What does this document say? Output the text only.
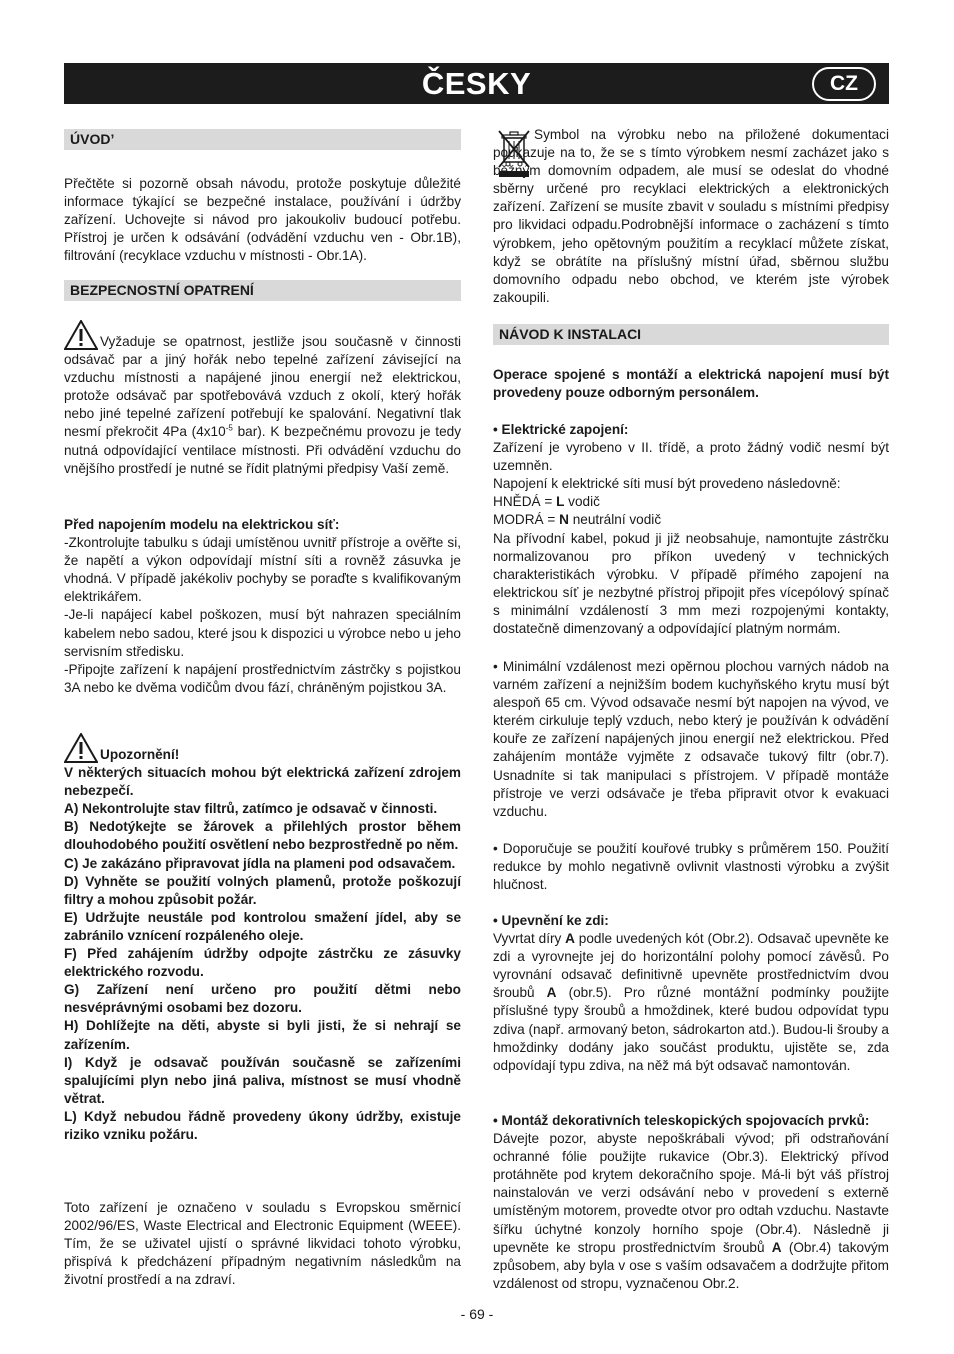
ČESKY	CZ
ÚVOD’
Přečtěte si pozorně obsah návodu, protože poskytuje důležité informace týkající se bezpečné instalace, používání i údržby zařízení. Uchovejte si návod pro jakoukoliv budoucí potřebu. Přístroj je určen k odsávání (odvádění vzduchu ven - Obr.1B), filtrování (recyklace vzduchu v místnosti - Obr.1A).
BEZPECNOSTNÍ OPATRENÍ
Vyžaduje se opatrnost, jestliže jsou současně v činnosti odsávač par a jiný hořák nebo tepelné zařízení závisející na vzduchu místnosti a napájené jinou energií než elektrickou, protože odsávač par spotřebovává vzduch z okolí, který hořák nebo jiné tepelné zařízení potřebují ke spalování. Negativní tlak nesmí překročit 4Pa ($4x10^{-5}$ bar). K bezpečnému provozu je tedy nutná odpovídající ventilace místnosti. Při odvádění vzduchu do vnějšího prostředí je nutné se řídit platnými předpisy Vaší země.

Před napojením modelu na elektrickou síť:

-Zkontrolujte tabulku s údaji umístěnou uvnitř přístroje a ověřte si, že napětí a výkon odpovídají místní síti a rovněž zásuvka je vhodná. V případě jakékoliv pochyby se poraďte s kvalifikovaným elektrikářem.

-Je-li napájecí kabel poškozen, musí být nahrazen speciálním kabelem nebo sadou, které jsou k dispozici u výrobce nebo u jeho servisním středisku.

-Připojte zařízení k napájení prostřednictvím zástrčky s pojistkou 3A nebo ke dvěma vodičům dvou fází, chráněným pojistkou 3A.

Upozornění!

V některých situacích mohou být elektrická zařízení zdrojem nebezpečí.

A) Nekontrolujte stav filtrů, zatímco je odsavač v činnosti.

B) Nedotýkejte se žárovek a přilehlých prostor během dlouhodobého použití osvětlení nebo bezprostředně po něm.

C) Je zakázáno připravovat jídla na plameni pod odsavačem.

D) Vyhněte se použití volných plamenů, protože poškozují filtry a mohou způsobit požár.

E) Udržujte neustále pod kontrolou smažení jídel, aby se zabránilo vznícení rozpáleného oleje.

F) Před zahájením údržby odpojte zástrčku ze zásuvky elektrického rozvodu.

G) Zařízení není určeno pro použití dětmi nebo nesvéprávnými osobami bez dozoru.

H) Dohlížejte na děti, abyste si byli jisti, že si nehrají se zařízením.

I) Když je odsavač používán současně se zařízeními spalujícími plyn nebo jiná paliva, místnost se musí vhodně větrat.

L) Když nebudou řádně provedeny úkony údržby, existuje riziko vzniku požáru.

Toto zařízení je označeno v souladu s Evropskou směrnicí 2002/96/ES, Waste Electrical and Electronic Equipment (WEEE). Tím, že se uživatel ujistí o správné likvidaci tohoto výrobku, přispívá k předcházení případným negativním následkům na životní prostředí a na zdraví.
Symbol na výrobku nebo na přiložené dokumentaci poukazuje na to, že se s tímto výrobkem nesmí zacházet jako s běžným domovním odpadem, ale musí se odeslat do vhodné sběrny určené pro recyklaci elektrických a elektronických zařízení. Zařízení se musíte zbavit v souladu s místními předpisy pro likvidaci odpadu.Podrobnější informace o zacházení s tímto výrobkem, jeho opětovným použitím a recyklací můžete získat, když se obrátíte na příslušný místní úřad, sběrnou službu domovního odpadu nebo obchod, ve kterém jste výrobek zakoupili.
NÁVOD K INSTALACI
Operace spojené s montáží a elektrická napojení musí být provedeny pouze odborným personálem.

• Elektrické zapojení:

Zařízení je vyrobeno v II. třídě, a proto žádný vodič nesmí být uzemněn.

Napojení k elektrické síti musí být provedeno následovně:

HNĚDÁ = L vodič

MODRÁ = N neutrální vodič

Na přívodní kabel, pokud ji již neobsahuje, namontujte zástrčku normalizovanou pro příkon uvedený v technických charakteristikách výrobku. V případě přímého zapojení na elektrickou síť je nezbytné přístroj připojit přes vícepólový spínač s minimální vzdáleností 3 mm mezi rozpojenými kontakty, dostatečně dimenzovaný a odpovídající platným normám.

• Minimální vzdálenost mezi opěrnou plochou varných nádob na varném zařízení a nejnižším bodem kuchyňského krytu musí být alespoň 65 cm. Vývod odsavače nesmí být napojen na vývod, ve kterém cirkuluje teplý vzduch, nebo který je používán k odvádění kouře ze zařízení napájených jinou energií než elektrickou. Před zahájením montáže vyjměte z odsavače tukový filtr (obr.7). Usnadníte si tak manipulaci s přístrojem. V případě montáže přístroje ve verzi odsávače je třeba připravit otvor k evakuaci vzduchu.
• Doporučuje se použití kouřové trubky s průměrem 150. Použití redukce by mohlo negativně ovlivnit vlastnosti výrobku a zvýšit hlučnost.

• Upevnění ke zdi:

Vyvrtat díry A podle uvedených kót (Obr.2). Odsavač upevněte ke zdi a vyrovnejte jej do horizontální polohy pomocí závěsů. Po vyrovnání odsavač definitivně upevněte prostřednictvím dvou šroubů A (obr.5). Pro různé montážní podmínky použijte příslušné typy šroubů a hmoždinek, které budou odpovídat typu zdiva (např. armovaný beton, sádrokarton atd.). Budou-li šrouby a hmoždinky dodány jako součást produktu, ujistěte se, zda odpovídají typu zdiva, na něž má být odsavač namontován.

• Montáž dekorativních teleskopických spojovacích prvků:

Dávejte pozor, abyste nepoškrábali vývod; při odstraňování ochranné fólie použijte rukavice (Obr.3). Elektrický přívod protáhněte pod krytem dekoračního spoje. Má-li být váš přístroj nainstalován ve verzi odsávání nebo v provedení s externě umístěným motorem, provedte otvor pro odtah vzduchu. Nastavte šířku úchytné konzoly horního spoje (Obr.4). Následně ji upevněte ke stropu prostřednictvím šroubů A (Obr.4) takovým způsobem, aby byla v ose s vaším odsavačem a dodržujte přitom vzdálenost od stropu, vyznačenou Obr.2.

- 69 -
